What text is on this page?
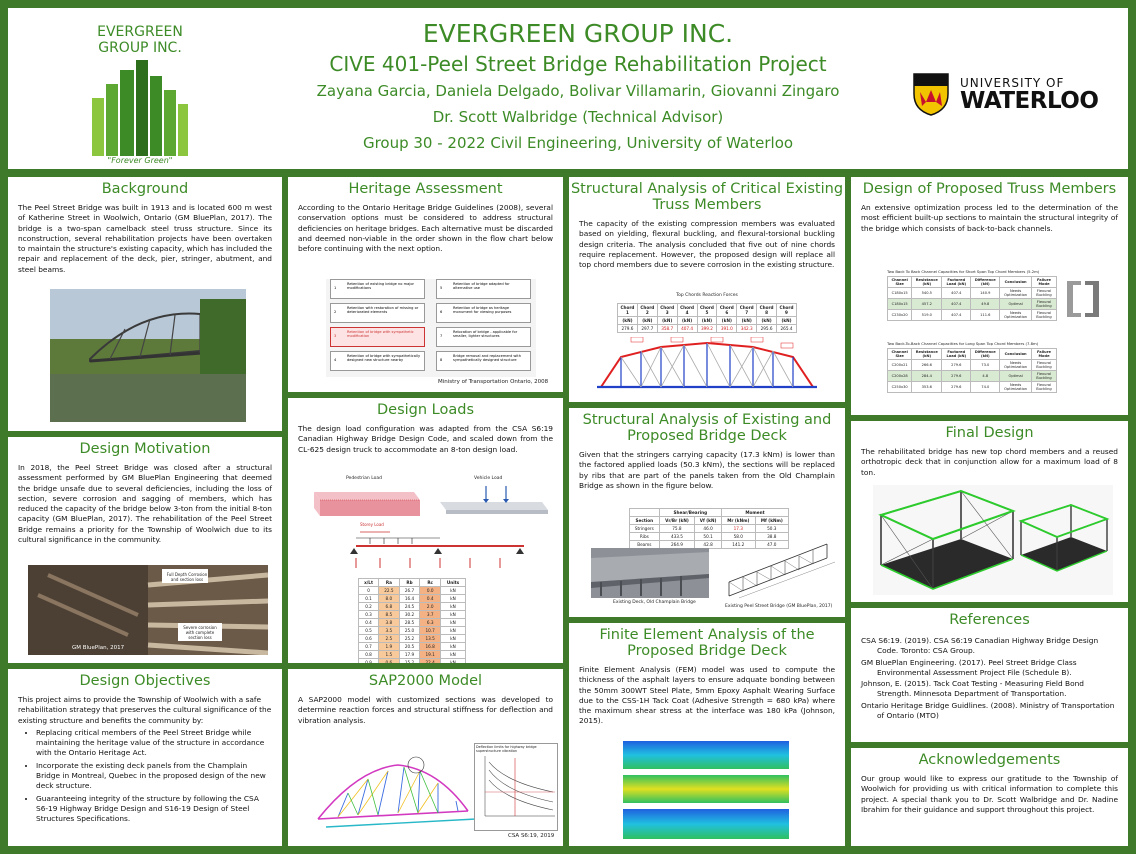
EVERGREEN
GROUP INC.
"Forever Green"
EVERGREEN GROUP INC.
CIVE 401-Peel Street Bridge Rehabilitation Project
Zayana Garcia, Daniela Delgado, Bolivar Villamarin, Giovanni Zingaro
Dr. Scott Walbridge (Technical Advisor)
Group 30 - 2022 Civil Engineering, University of Waterloo
UNIVERSITY OF
WATERLOO
Background
The Peel Street Bridge was built in 1913 and is located 600 m west of Katherine Street in Woolwich, Ontario (GM BluePlan, 2017). The bridge is a two-span camelback steel truss structure. Since its nconstruction, several rehabilitation projects have been overtaken to maintain the structure's existing capacity, which has included the repair and replacement of the deck, pier, stringer, abutment, and steel beams.
Design Motivation
In 2018, the Peel Street Bridge was closed after a structural assessment performed by GM BluePlan Engineering that deemed the bridge unsafe due to several deficiencies, including the loss of section, severe corrosion and sagging of members, which has reduced the capacity of the bridge below 3-ton from the initial 8-ton capacity (GM BluePlan, 2017). The rehabilitation of the Peel Street Bridge remains a priority for the Township of Woolwich due to its cultural significance in the community.
Full Depth Corrosion and section loss
Severe corrosion with complete section loss
GM BluePlan, 2017
Design Objectives
This project aims to provide the Township of Woolwich with a safe rehabilitation strategy that preserves the cultural significance of the existing structure and benefits the community by:
• Replacing critical members of the Peel Street Bridge while maintaining the heritage value of the structure in accordance with the Ontario Heritage Act.
• Incorporate the existing deck panels from the Champlain Bridge in Montreal, Quebec in the proposed design of the new deck structure.
• Guaranteeing integrity of the structure by following the CSA S6-19 Highway Bridge Design and S16-19 Design of Steel Structures Specifications.
Heritage Assessment
According to the Ontario Heritage Bridge Guidelines (2008), several conservation options must be considered to address structural deficiencies on heritage bridges. Each alternative must be discarded and deemed non-viable in the order shown in the flow chart below before continuing with the next option.
1
Retention of existing bridge no major modifications
2
Retention with restoration of missing or deteriorated elements
3
Retention of bridge with sympathetic modification
4
Retention of bridge with sympathetically designed new structure nearby
5
Retention of bridge adapted for alternative use
6
Retention of bridge as heritage monument for viewing purposes
7
Relocation of bridge - applicable for smaller, lighter structures
8
Bridge removal and replacement with sympathetically designed structure
Ministry of Transportation Ontario, 2008
Design Loads
The design load configuration was adapted from the CSA S6:19 Canadian Highway Bridge Design Code, and scaled down from the CL-625 design truck to accommodate an 8-ton design load.
Pedestrian Load	Vehicle Load
Storey Load
x/Lt	Ra	Rb	Rc	Units
0	22.5	26.7	0.0	kN
0.1	8.0	16.4	0.4	kN
0.2	6.8	24.5	2.0	kN
0.3	8.5	30.2	3.7	kN
0.4	3.8	28.5	6.3	kN
0.5	3.5	25.0	10.7	kN
0.6	2.5	25.2	13.5	kN
0.7	1.9	20.5	16.8	kN
0.8	1.5	17.9	19.1	kN
0.9	0.6	15.2	22.4	kN

SAP2000 Model
A SAP2000 model with customized sections was developed to determine reaction forces and structural stiffness for deflection and vibration analysis.
Deflection limits for highway bridge superstructure vibration
CSA S6:19, 2019
Structural Analysis of Critical Existing Truss Members
The capacity of the existing compression members was evaluated based on yielding, flexural buckling, and flexural-torsional buckling design criteria. The analysis concluded that five out of nine chords require replacement. However, the proposed design will replace all top chord members due to severe corrosion in the existing structure.
Top Chords Reaction Forces
Chord 1	Chord 2	Chord 3	Chord 4	Chord 5	Chord 6	Chord 7	Chord 8	Chord 9
(kN)	(kN)	(kN)	(kN)	(kN)	(kN)	(kN)	(kN)	(kN)
279.6	297.7	358.7	407.4	399.2	391.0	342.3	295.6	265.4
Structural Analysis of Existing and Proposed Bridge Deck
Given that the stringers carrying capacity (17.3 kNm) is lower than the factored applied loads (50.3 kNm), the sections will be replaced by ribs that are part of the panels taken from the Old Champlain Bridge as shown in the figure below.
	Shear/Bearing		Moment	
Section	Vr/Br (kN)	Vf (kN)	Mr (kNm)	Mf (kNm)
Stringers	75.8	46.0	17.3	50.3
Ribs	433.5	50.1	58.0	38.8
Beams	264.9	42.8	141.2	47.0
Existing Deck, Old Champlain Bridge
Existing Peel Street Bridge (GM BluePlan, 2017)
Finite Element Analysis of the Proposed Bridge Deck
Finite Element Analysis (FEM) model was used to compute the thickness of the asphalt layers to ensure adquate bonding between the 50mm 300WT Steel Plate, 5mm Epoxy Asphalt Wearing Surface due to the CSS-1H Tack Coat (Adhesive Strength = 680 kPa) where the maximum shear stress at the interface was 180 kPa (Johnson, 2015).
Design of Proposed Truss Members
An extensive optimization process led to the determination of the most efficient built-up sections to maintain the structural integrity of the bridge which consists of back-to-back channels.
Two Back To Back Channel Capacities for Short Span Top Chord Members (5.2m)
Channel Size	Resistance (kN)	Factored Load (kN)	Difference (kN)	Conclusion	Failure Mode
C180x15	540.5	407.4	140.9	Needs Optimization	Flexural Buckling
C180x15	457.2	407.4	49.8	Optimal	Flexural Buckling
C230x20	519.0	407.4	111.6	Needs Optimization	Flexural Buckling
Two Back-To-Back Channel Capacities for Long Span Top Chord Members (7.8m)
Channel Size	Resistance (kN)	Factored Load (kN)	Difference (kN)	Conclusion	Failure Mode
C200x21	266.6	279.6	73.0	Needs Optimization	Flexural Buckling
C200x28	284.4	279.6	4.8	Optimal	Flexural Buckling
C250x30	353.6	279.6	74.0	Needs Optimization	Flexural Buckling
Final Design
The rehabilitated bridge has new top chord members and a reused orthotropic deck that in conjunction allow for a maximum load of 8 ton.
References

CSA S6:19. (2019). CSA S6:19 Canadian Highway Bridge Design Code. Toronto: CSA Group.

GM BluePlan Engineering. (2017). Peel Street Bridge Class Environmental Assessment Project File (Schedule B).

Johnson, E. (2015). Tack Coat Testing - Measuring Field Bond Strength. Minnesota Department of Transportation.

Ontario Heritage Bridge Guidlines. (2008). Ministry of Transportation of Ontario (MTO)

Acknowledgements
Our group would like to express our gratitude to the Township of Woolwich for providing us with critical information to complete this project. A special thank you to Dr. Scott Walbridge and Dr. Nadine Ibrahim for their guidance and support throughout this project.
